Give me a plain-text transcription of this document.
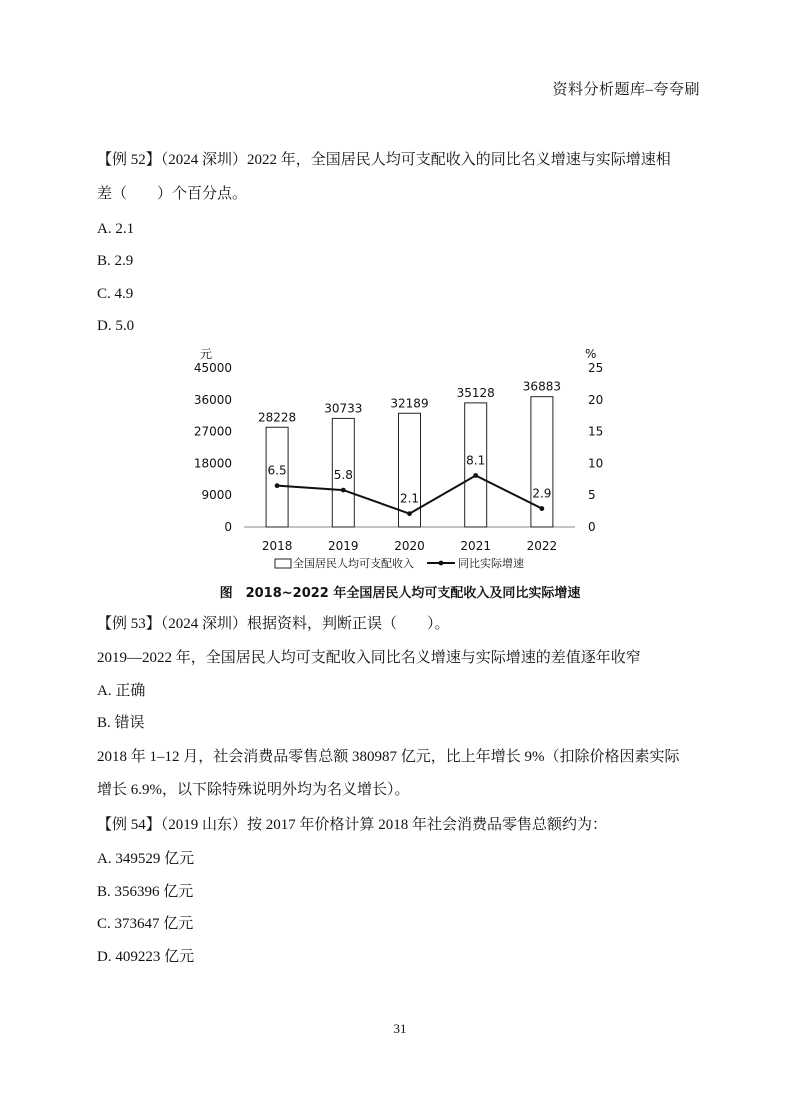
资料分析题库–夸夸刷
【例 52】（2024 深圳）2022 年，全国居民人均可支配收入的同比名义增速与实际增速相
差（　　）个百分点。
A. 2.1
B. 2.9
C. 4.9
D. 5.0
元	%
0
9000
18000
27000
36000
45000
0
5
10
15
20
25
28228
2018
30733
2019
32189
2020
35128
2021
36883
2022
6.5	5.8
2.1
8.1
2.9
全国居民人均可支配收入	同比实际增速
图　2018~2022 年全国居民人均可支配收入及同比实际增速
【例 53】（2024 深圳）根据资料，判断正误（　　）。
2019—2022 年，全国居民人均可支配收入同比名义增速与实际增速的差值逐年收窄
A. 正确
B. 错误
2018 年 1–12 月，社会消费品零售总额 380987 亿元，比上年增长 9%（扣除价格因素实际
增长 6.9%，以下除特殊说明外均为名义增长）。
【例 54】（2019 山东）按 2017 年价格计算 2018 年社会消费品零售总额约为：
A. 349529 亿元
B. 356396 亿元
C. 373647 亿元
D. 409223 亿元
31
